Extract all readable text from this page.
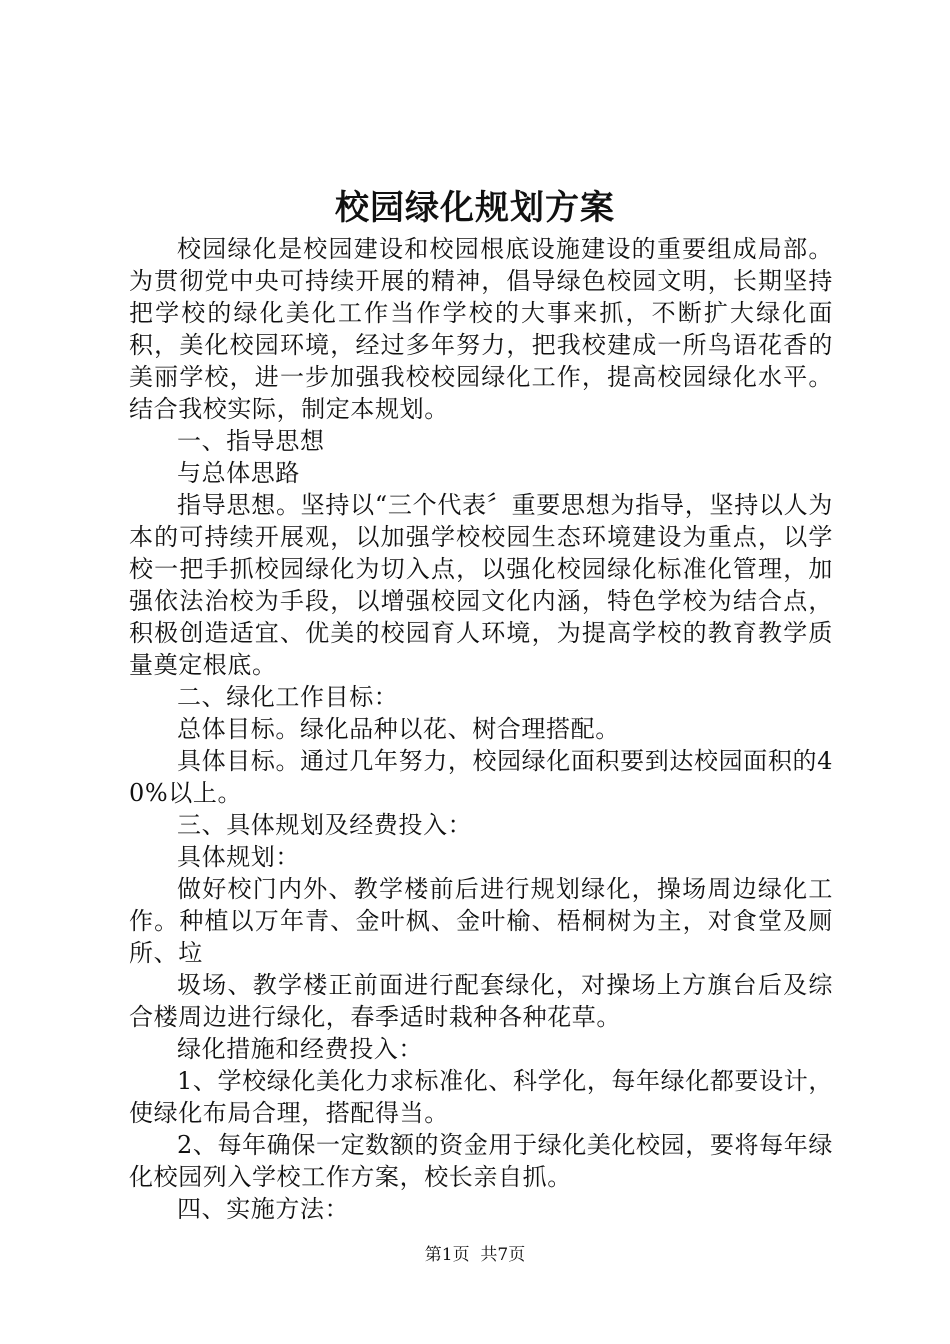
校园绿化规划方案

校园绿化是校园建设和校园根底设施建设的重要组成局部。为贯彻党中央可持续开展的精神，倡导绿色校园文明，长期坚持把学校的绿化美化工作当作学校的大事来抓，不断扩大绿化面积，美化校园环境，经过多年努力，把我校建成一所鸟语花香的美丽学校，进一步加强我校校园绿化工作，提高校园绿化水平。结合我校实际，制定本规划。

一、指导思想

与总体思路

指导思想。坚持以“三个代表〞重要思想为指导，坚持以人为本的可持续开展观，以加强学校校园生态环境建设为重点，以学校一把手抓校园绿化为切入点，以强化校园绿化标准化管理，加强依法治校为手段，以增强校园文化内涵，特色学校为结合点，积极创造适宜、优美的校园育人环境，为提高学校的教育教学质量奠定根底。

二、绿化工作目标：

总体目标。绿化品种以花、树合理搭配。

具体目标。通过几年努力，校园绿化面积要到达校园面积的40%以上。

三、具体规划及经费投入：

具体规划：

做好校门内外、教学楼前后进行规划绿化，操场周边绿化工作。种植以万年青、金叶枫、金叶榆、梧桐树为主，对食堂及厕所、垃

圾场、教学楼正前面进行配套绿化，对操场上方旗台后及综合楼周边进行绿化，春季适时栽种各种花草。

绿化措施和经费投入：

1、学校绿化美化力求标准化、科学化，每年绿化都要设计，使绿化布局合理，搭配得当。

2、每年确保一定数额的资金用于绿化美化校园，要将每年绿化校园列入学校工作方案，校长亲自抓。

四、实施方法：

第1页  共7页
